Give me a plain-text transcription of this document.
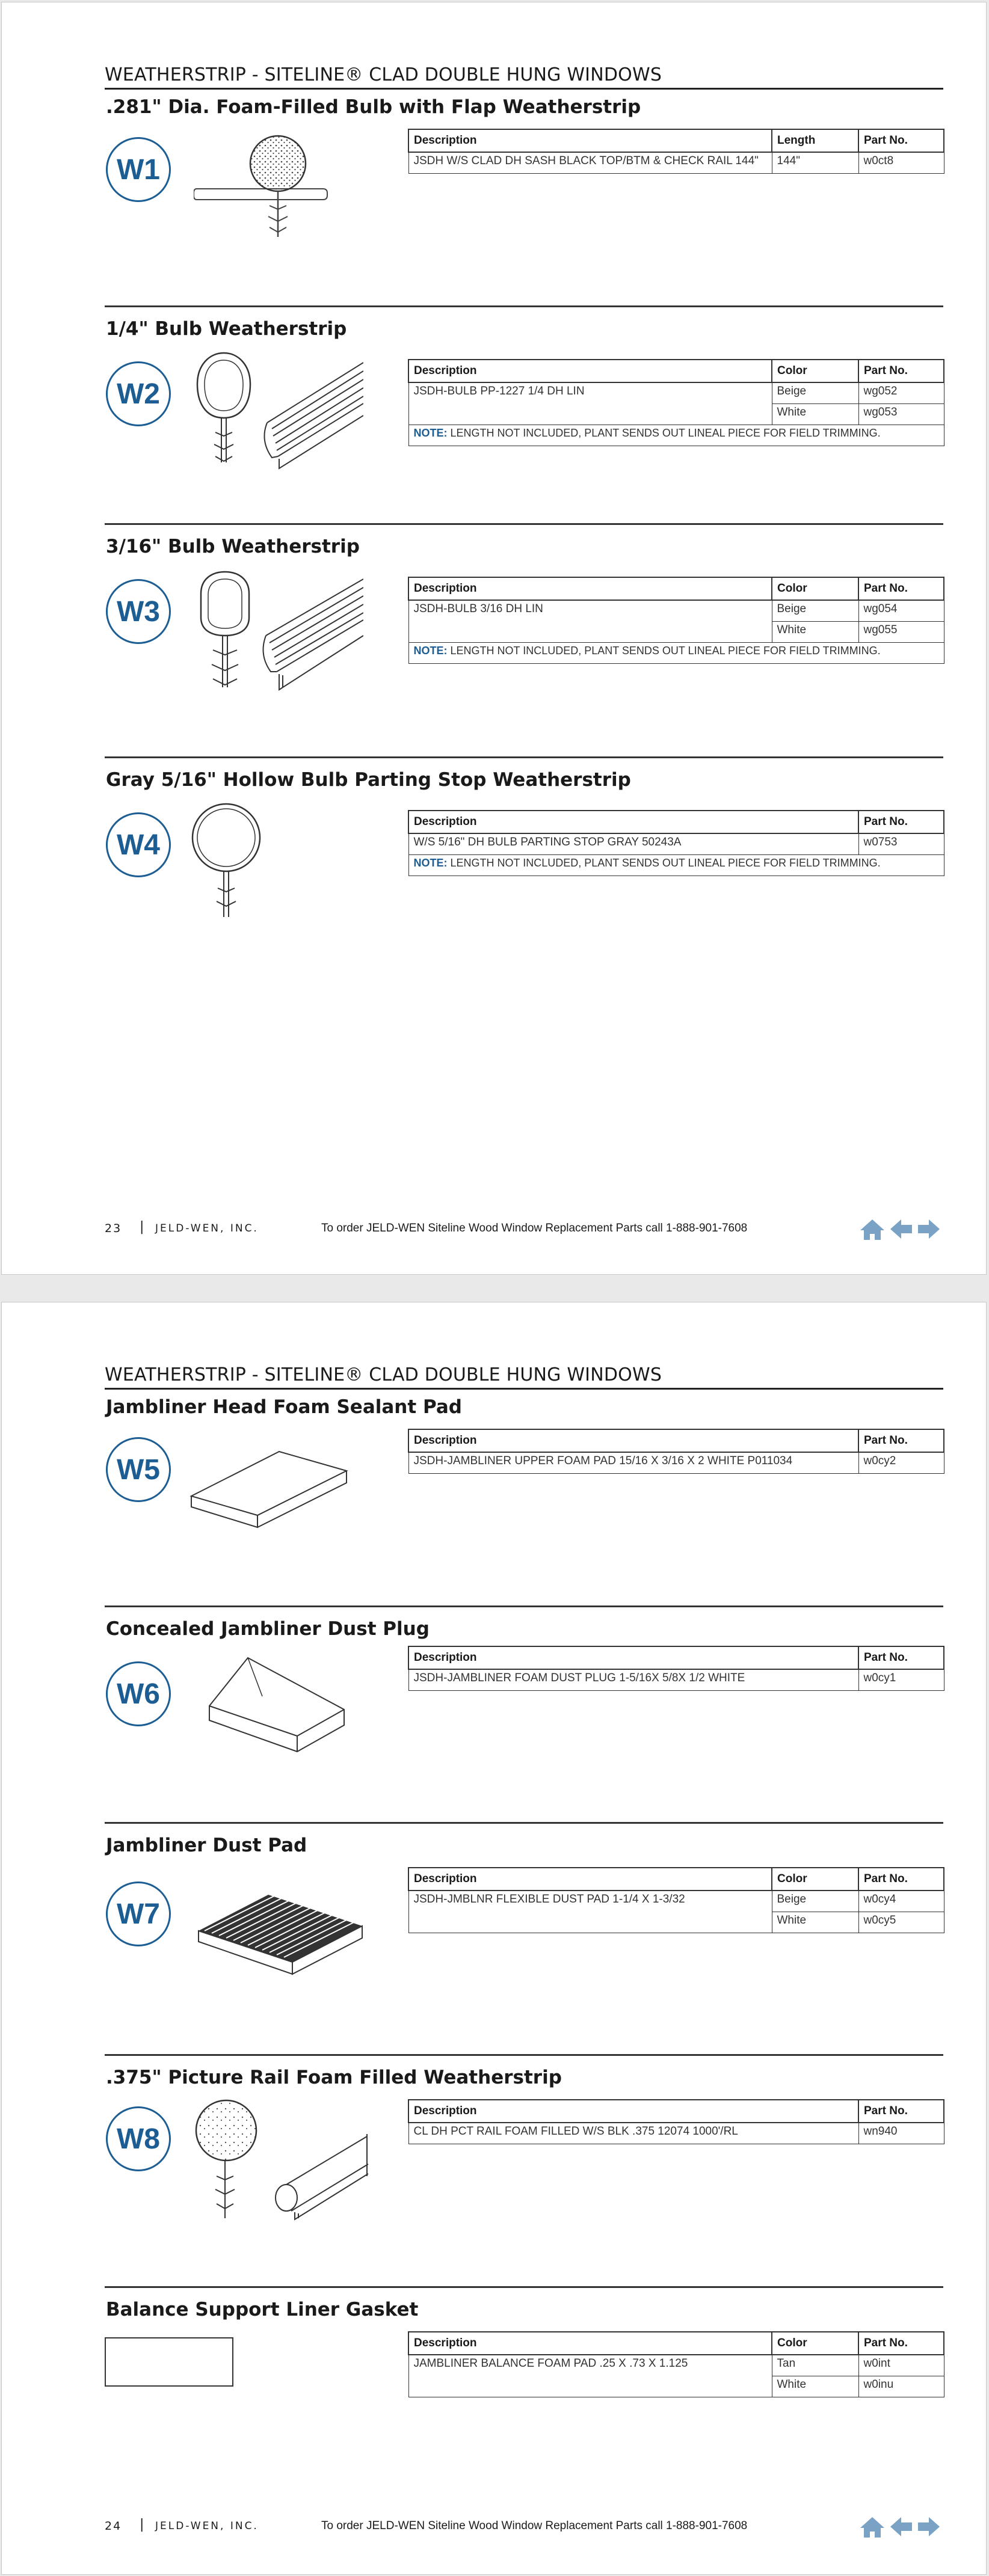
WEATHERSTRIP - SITELINE® CLAD DOUBLE HUNG WINDOWS
.281" Dia. Foam-Filled Bulb with Flap Weatherstrip
W1
Description	Length	Part No.
JSDH W/S CLAD DH SASH BLACK TOP/BTM & CHECK RAIL 144"	144"	w0ct8
1/4" Bulb Weatherstrip
W2
Description	Color	Part No.
JSDH-BULB PP-1227 1/4 DH LIN	Beige	wg052
	White	wg053
NOTE: LENGTH NOT INCLUDED, PLANT SENDS OUT LINEAL PIECE FOR FIELD TRIMMING.		
3/16" Bulb Weatherstrip
W3
Description	Color	Part No.
JSDH-BULB 3/16 DH LIN	Beige	wg054
	White	wg055
NOTE: LENGTH NOT INCLUDED, PLANT SENDS OUT LINEAL PIECE FOR FIELD TRIMMING.		
Gray 5/16" Hollow Bulb Parting Stop Weatherstrip
W4
Description	Part No.
W/S 5/16" DH BULB PARTING STOP GRAY 50243A	w0753
NOTE: LENGTH NOT INCLUDED, PLANT SENDS OUT LINEAL PIECE FOR FIELD TRIMMING.	
23 | JELD-WEN, INC.	To order JELD-WEN Siteline Wood Window Replacement Parts call 1-888-901-7608
WEATHERSTRIP - SITELINE® CLAD DOUBLE HUNG WINDOWS
Jambliner Head Foam Sealant Pad
W5
Description	Part No.
JSDH-JAMBLINER UPPER FOAM PAD 15/16 X 3/16 X 2 WHITE P011034	w0cy2
Concealed Jambliner Dust Plug
W6
Description	Part No.
JSDH-JAMBLINER FOAM DUST PLUG 1-5/16X 5/8X 1/2 WHITE	w0cy1
Jambliner Dust Pad
W7
Description	Color	Part No.
JSDH-JMBLNR FLEXIBLE DUST PAD 1-1/4 X 1-3/32	Beige	w0cy4
	White	w0cy5
.375" Picture Rail Foam Filled Weatherstrip
W8
Description	Part No.
CL DH PCT RAIL FOAM FILLED W/S BLK .375 12074 1000'/RL	wn940
Balance Support Liner Gasket
Description	Color	Part No.
JAMBLINER BALANCE FOAM PAD .25 X .73 X 1.125	Tan	w0int
	White	w0inu
24 | JELD-WEN, INC.	To order JELD-WEN Siteline Wood Window Replacement Parts call 1-888-901-7608
